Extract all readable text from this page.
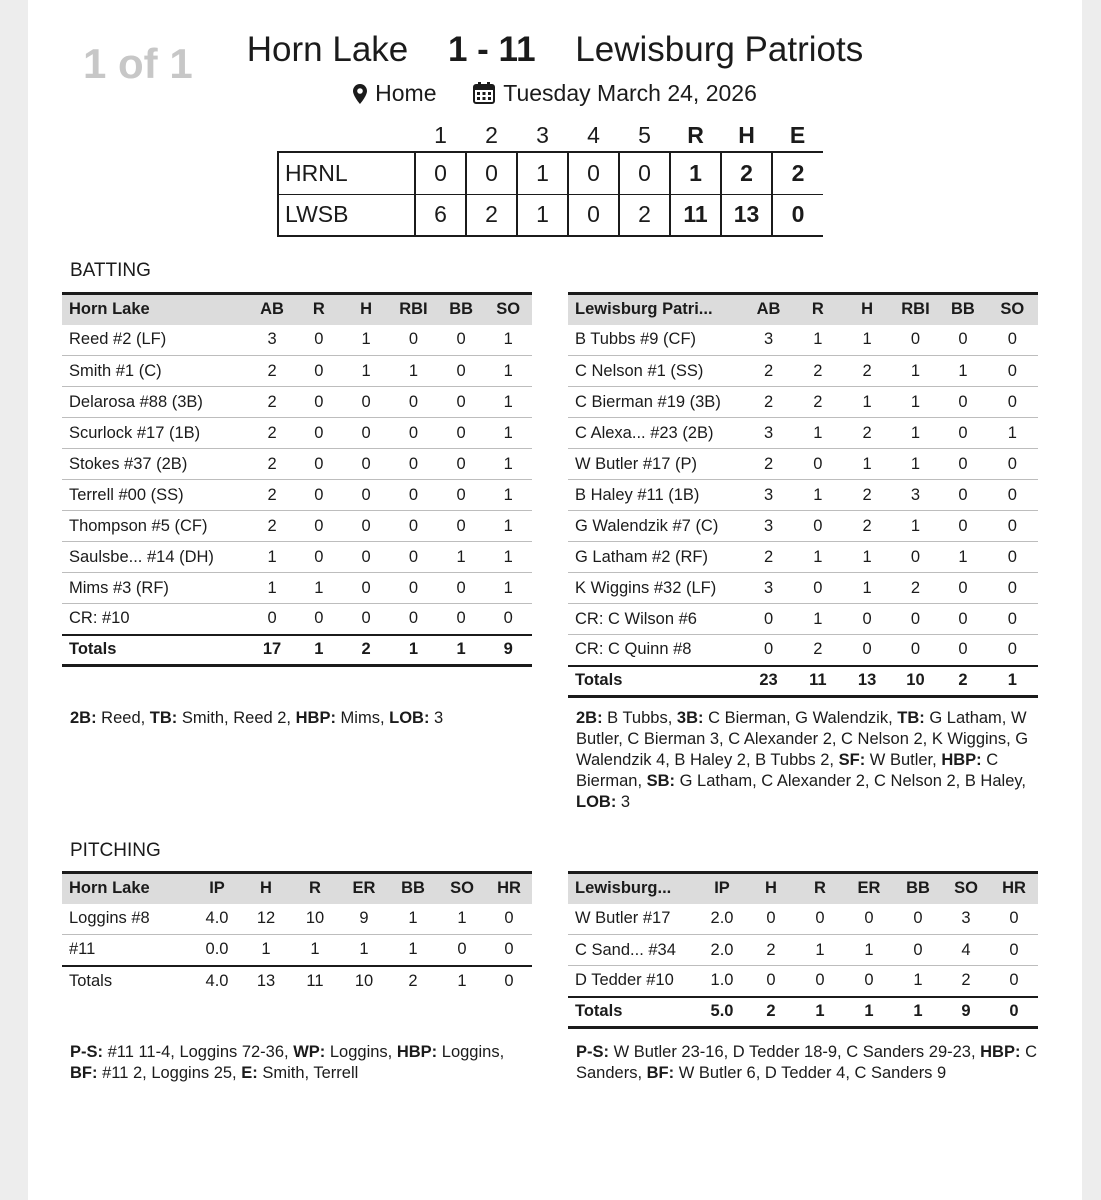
1 of 1	Horn Lake 1 - 11 Lewisburg Patriots
Home	Tuesday March 24, 2026
	1	2	3	4	5	R	H	E
HRNL	0	0	1	0	0	1	2	2
LWSB	6	2	1	0	2	11	13	0
BATTING
Horn Lake	AB	R	H	RBI	BB	SO
Reed #2 (LF)	3	0	1	0	0	1
Smith #1 (C)	2	0	1	1	0	1
Delarosa #88 (3B)	2	0	0	0	0	1
Scurlock #17 (1B)	2	0	0	0	0	1
Stokes #37 (2B)	2	0	0	0	0	1
Terrell #00 (SS)	2	0	0	0	0	1
Thompson #5 (CF)	2	0	0	0	0	1
Saulsbe... #14 (DH)	1	0	0	0	1	1
Mims #3 (RF)	1	1	0	0	0	1
CR: #10	0	0	0	0	0	0
Totals	17	1	2	1	1	9
Lewisburg Patri...	AB	R	H	RBI	BB	SO
B Tubbs #9 (CF)	3	1	1	0	0	0
C Nelson #1 (SS)	2	2	2	1	1	0
C Bierman #19 (3B)	2	2	1	1	0	0
C Alexa... #23 (2B)	3	1	2	1	0	1
W Butler #17 (P)	2	0	1	1	0	0
B Haley #11 (1B)	3	1	2	3	0	0
G Walendzik #7 (C)	3	0	2	1	0	0
G Latham #2 (RF)	2	1	1	0	1	0
K Wiggins #32 (LF)	3	0	1	2	0	0
CR: C Wilson #6	0	1	0	0	0	0
CR: C Quinn #8	0	2	0	0	0	0
Totals	23	11	13	10	2	1
2B: Reed, TB: Smith, Reed 2, HBP: Mims, LOB: 3	2B: B Tubbs, 3B: C Bierman, G Walendzik, TB: G Latham, W Butler, C Bierman 3, C Alexander 2, C Nelson 2, K Wiggins, G Walendzik 4, B Haley 2, B Tubbs 2, SF: W Butler, HBP: C Bierman, SB: G Latham, C Alexander 2, C Nelson 2, B Haley, LOB: 3
PITCHING
Horn Lake	IP	H	R	ER	BB	SO	HR
Loggins #8	4.0	12	10	9	1	1	0
#11	0.0	1	1	1	1	0	0
Totals	4.0	13	11	10	2	1	0
Lewisburg...	IP	H	R	ER	BB	SO	HR
W Butler #17	2.0	0	0	0	0	3	0
C Sand... #34	2.0	2	1	1	0	4	0
D Tedder #10	1.0	0	0	0	1	2	0
Totals	5.0	2	1	1	1	9	0
P-S: #11 11-4, Loggins 72-36, WP: Loggins, HBP: Loggins, BF: #11 2, Loggins 25, E: Smith, Terrell
P-S: W Butler 23-16, D Tedder 18-9, C Sanders 29-23, HBP: C Sanders, BF: W Butler 6, D Tedder 4, C Sanders 9
